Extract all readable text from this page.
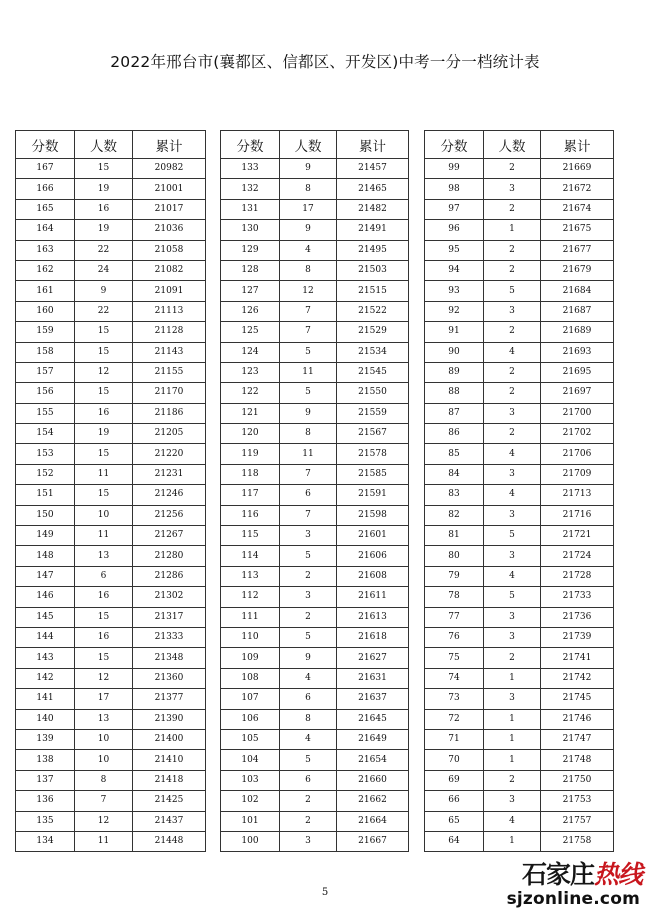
2022年邢台市(襄都区、信都区、开发区)中考一分一档统计表
分数	人数	累计
167	15	20982
166	19	21001
165	16	21017
164	19	21036
163	22	21058
162	24	21082
161	9	21091
160	22	21113
159	15	21128
158	15	21143
157	12	21155
156	15	21170
155	16	21186
154	19	21205
153	15	21220
152	11	21231
151	15	21246
150	10	21256
149	11	21267
148	13	21280
147	6	21286
146	16	21302
145	15	21317
144	16	21333
143	15	21348
142	12	21360
141	17	21377
140	13	21390
139	10	21400
138	10	21410
137	8	21418
136	7	21425
135	12	21437
134	11	21448
分数	人数	累计
133	9	21457
132	8	21465
131	17	21482
130	9	21491
129	4	21495
128	8	21503
127	12	21515
126	7	21522
125	7	21529
124	5	21534
123	11	21545
122	5	21550
121	9	21559
120	8	21567
119	11	21578
118	7	21585
117	6	21591
116	7	21598
115	3	21601
114	5	21606
113	2	21608
112	3	21611
111	2	21613
110	5	21618
109	9	21627
108	4	21631
107	6	21637
106	8	21645
105	4	21649
104	5	21654
103	6	21660
102	2	21662
101	2	21664
100	3	21667
分数	人数	累计
99	2	21669
98	3	21672
97	2	21674
96	1	21675
95	2	21677
94	2	21679
93	5	21684
92	3	21687
91	2	21689
90	4	21693
89	2	21695
88	2	21697
87	3	21700
86	2	21702
85	4	21706
84	3	21709
83	4	21713
82	3	21716
81	5	21721
80	3	21724
79	4	21728
78	5	21733
77	3	21736
76	3	21739
75	2	21741
74	1	21742
73	3	21745
72	1	21746
71	1	21747
70	1	21748
69	2	21750
66	3	21753
65	4	21757
64	1	21758
5
石家庄热线
sjzonline.com
